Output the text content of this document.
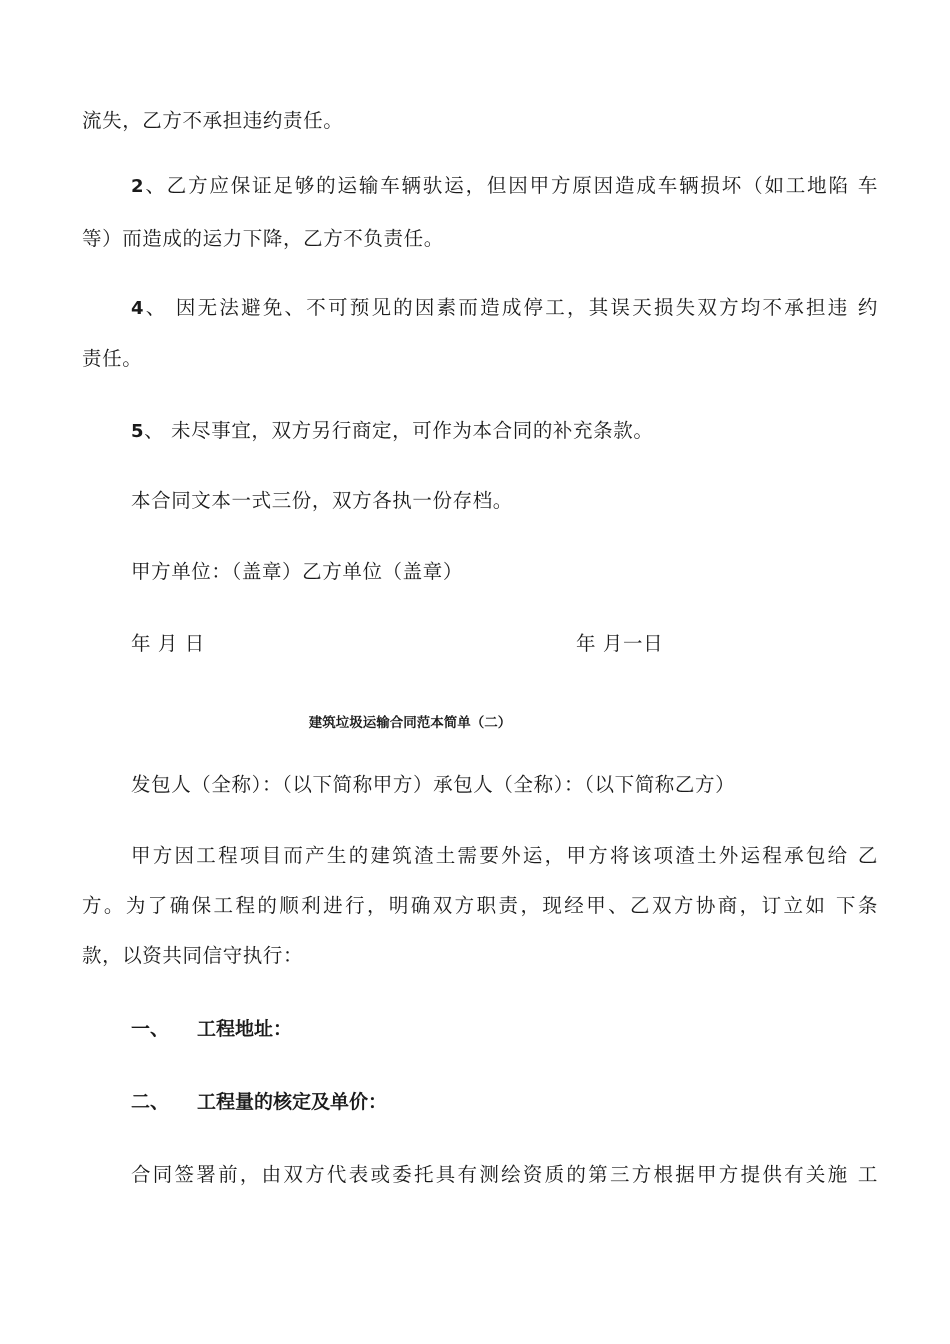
流失，乙方不承担违约责任。
2、乙方应保证足够的运输车辆驮运，但因甲方原因造成车辆损坏（如工地陷 车
等）而造成的运力下降，乙方不负责任。
4、 因无法避免、不可预见的因素而造成停工，其误天损失双方均不承担违 约
责任。
5、 未尽事宜，双方另行商定，可作为本合同的补充条款。
本合同文本一式三份，双方各执一份存档。
甲方单位：（盖章）乙方单位（盖章）
年 月 日	年 月一日
建筑垃圾运输合同范本简单（二）
发包人（全称）：（以下简称甲方）承包人（全称）：（以下简称乙方）
甲方因工程项目而产生的建筑渣土需要外运，甲方将该项渣土外运程承包给 乙
方。为了确保工程的顺利进行，明确双方职责，现经甲、乙双方协商，订立如 下条
款，以资共同信守执行：
一、 工程地址：
二、 工程量的核定及单价：
合同签署前，由双方代表或委托具有测绘资质的第三方根据甲方提供有关施 工
